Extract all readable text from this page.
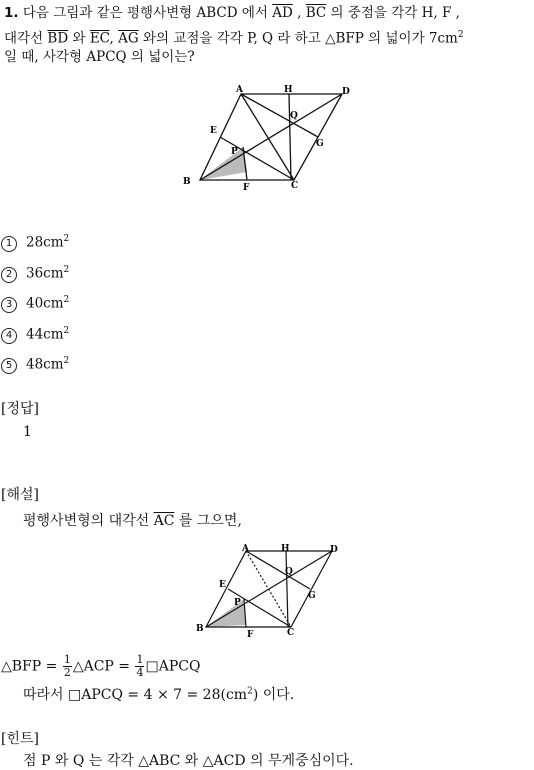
1. 다음 그림과 같은 평행사변형 ABCD 에서 $\overline{AD}$ , $\overline{BC}$ 의 중점을 각각 H, F ,
대각선 $\overline{BD}$ 와 $\overline{EC}$, $\overline{AG}$ 와의 교점을 각각 P, Q 라 하고 △BFP 의 넓이가 $7cm^2$
일 때, 사각형 APCQ 의 넓이는?
A	H	D
E
Q
G
P
B
F	C
1 $28cm^2$
2 $36cm^2$
3 $40cm^2$
4 $44cm^2$
5 $48cm^2$
[정답]
1
[해설]
평행사변형의 대각선 $\overline{AC}$ 를 그으면,
A	H	D
E
Q
G
P
B
F	C
△BFP = $\frac{1}{2}$ △ACP = $\frac{1}{4}$ □APCQ
따라서 □APCQ = $4 \times 7 = 28(cm^2)$ 이다.
[힌트]
점 P 와 Q 는 각각 △ABC 와 △ACD 의 무게중심이다.
